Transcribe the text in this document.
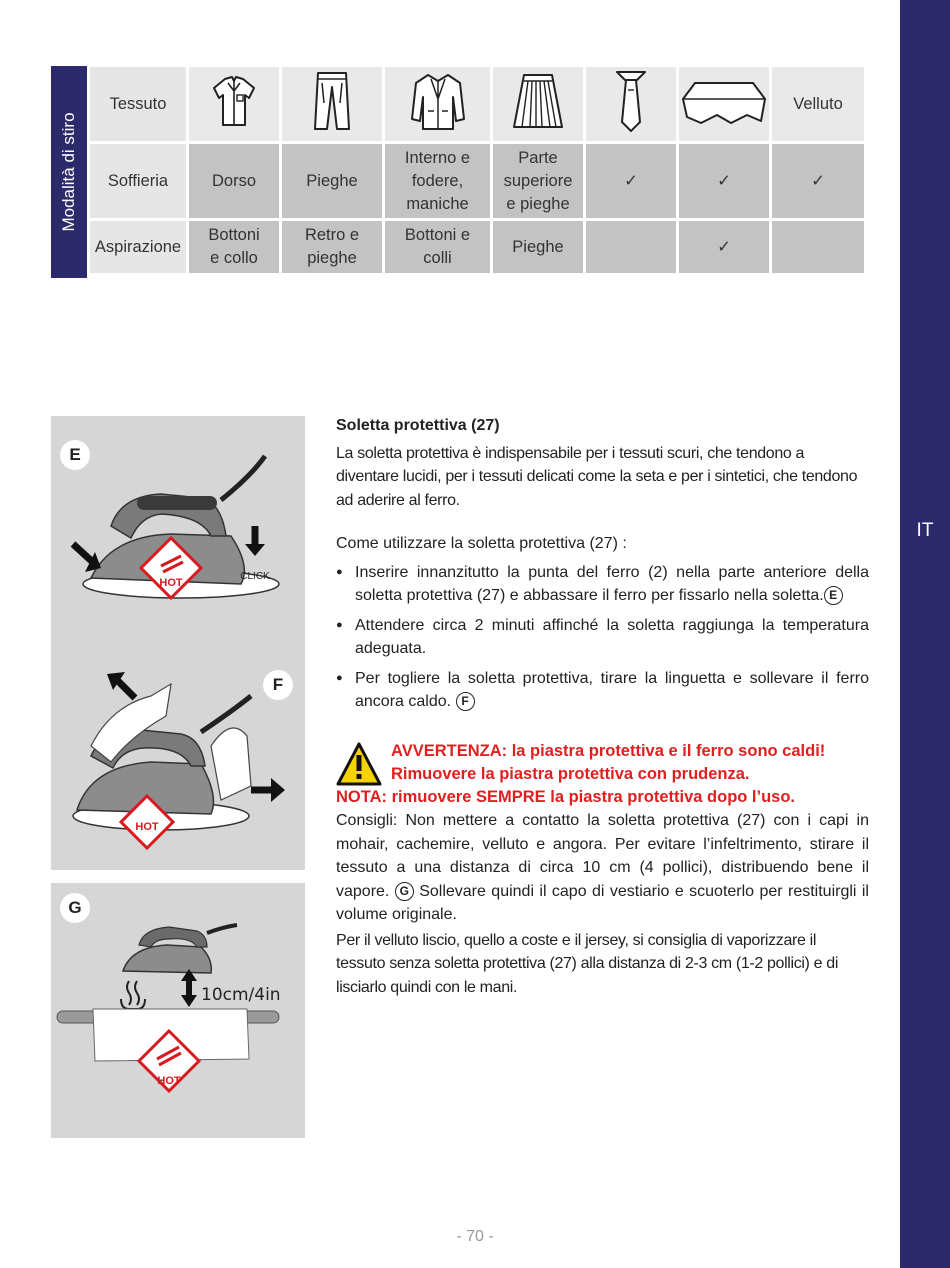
IT
Modalità di stiro
Tessuto							Velluto
Soffieria	Dorso	Pieghe	Interno e fodere, maniche	Parte superiore e pieghe	✓	✓	✓
Aspirazione	Bottoni e collo	Retro e pieghe	Bottoni e colli	Pieghe		✓	
HOT
CLICK
HOT
E
F
10cm/4in
HOT
G

Soletta protettiva (27)

La soletta protettiva è indispensabile per i tessuti scuri, che tendono a diventare lucidi, per i tessuti delicati come la seta e per i sintetici, che tendono ad aderire al ferro.

Come utilizzare la soletta protettiva (27) :

● Inserire innanzitutto la punta del ferro (2) nella parte anteriore della soletta protettiva (27) e abbassare il ferro per fissarlo nella soletta. E
● Attendere circa 2 minuti affinché la soletta raggiunga la temperatura adeguata.
● Per togliere la soletta protettiva, tirare la linguetta e sollevare il ferro ancora caldo. F
AVVERTENZA: la piastra protettiva e il ferro sono caldi!
Rimuovere la piastra protettiva con prudenza.

NOTA: rimuovere SEMPRE la piastra protettiva dopo l’uso.

Consigli: Non mettere a contatto la soletta protettiva (27) con i capi in mohair, cachemire, velluto e angora. Per evitare l’infeltrimento, stirare il tessuto a una distanza di circa 10 cm (4 pollici), distribuendo bene il vapore. G Sollevare quindi il capo di vestiario e scuoterlo per restituirgli il volume originale.

Per il velluto liscio, quello a coste e il jersey, si consiglia di vaporizzare il tessuto senza soletta protettiva (27) alla distanza di 2-3 cm (1-2 pollici) e di lisciarlo quindi con le mani.

- 70 -
